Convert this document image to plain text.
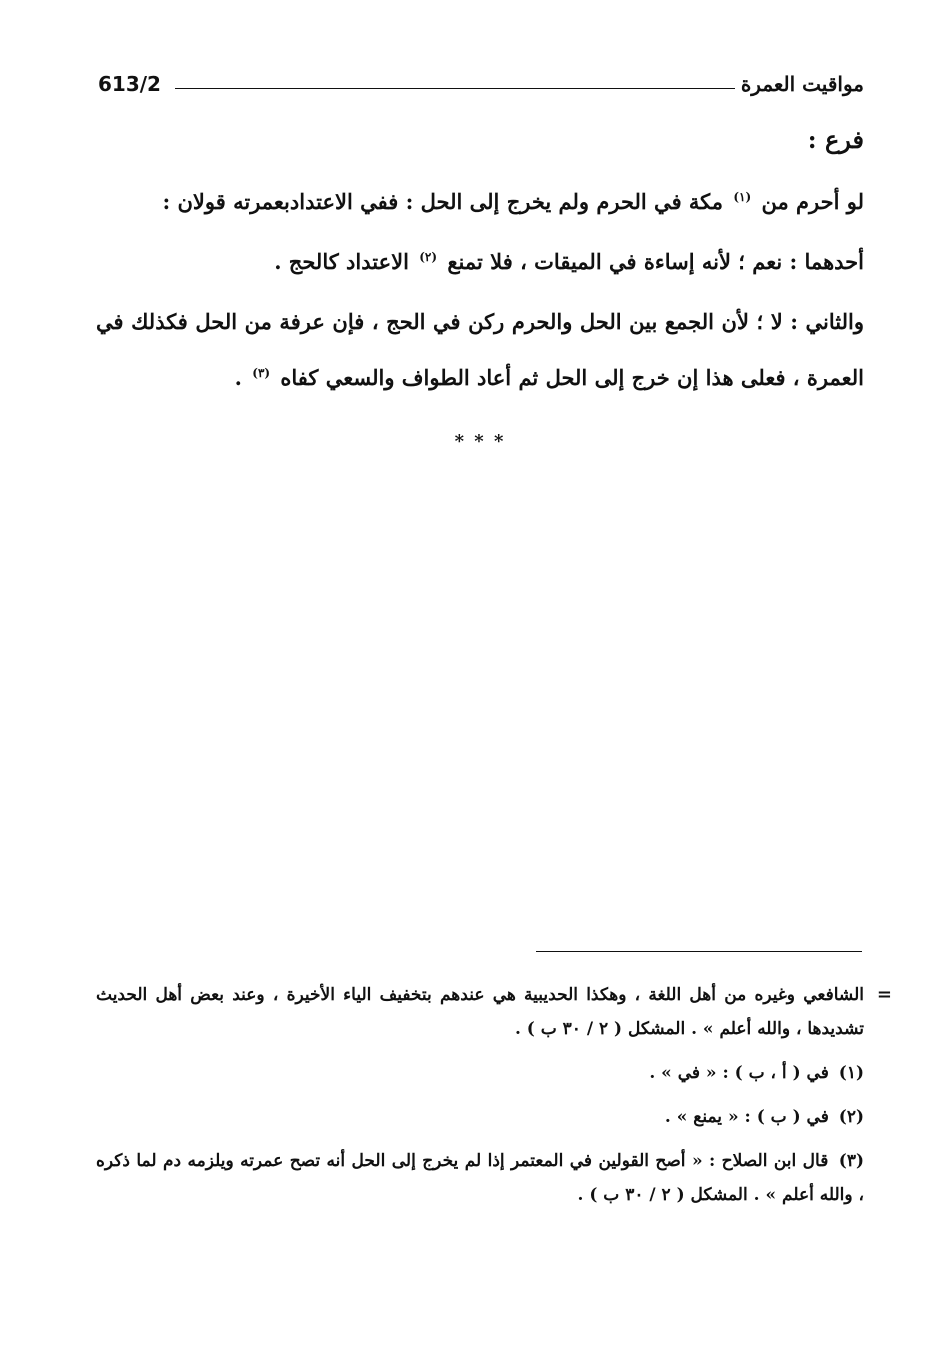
613/2	مواقيت العمرة

فرع :

لو أحرم من $^{(١)}$ مكة في الحرم ولم يخرج إلى الحل : ففي الاعتدادبعمرته قولان :

أحدهما : نعم ؛ لأنه إساءة في الميقات ، فلا تمنع $^{(٢)}$ الاعتداد كالحج .

والثاني : لا ؛ لأن الجمع بين الحل والحرم ركن في الحج ، فإن عرفة من الحل فكذلك في العمرة ، فعلى هذا إن خرج إلى الحل ثم أعاد الطواف والسعي كفاه $^{(٣)}$ .

* * *
=

الشافعي وغيره من أهل اللغة ، وهكذا الحديبية هي عندهم بتخفيف الياء الأخيرة ، وعند بعض أهل الحديث تشديدها ، والله أعلم » . المشكل ( ٢ / ٣٠ ب ) .

(١) في ( أ ، ب ) : « في » .

(٢) في ( ب ) : « يمنع » .

(٣) قال ابن الصلاح : « أصح القولين في المعتمر إذا لم يخرج إلى الحل أنه تصح عمرته ويلزمه دم لما ذكره ، والله أعلم » . المشكل ( ٢ / ٣٠ ب ) .
